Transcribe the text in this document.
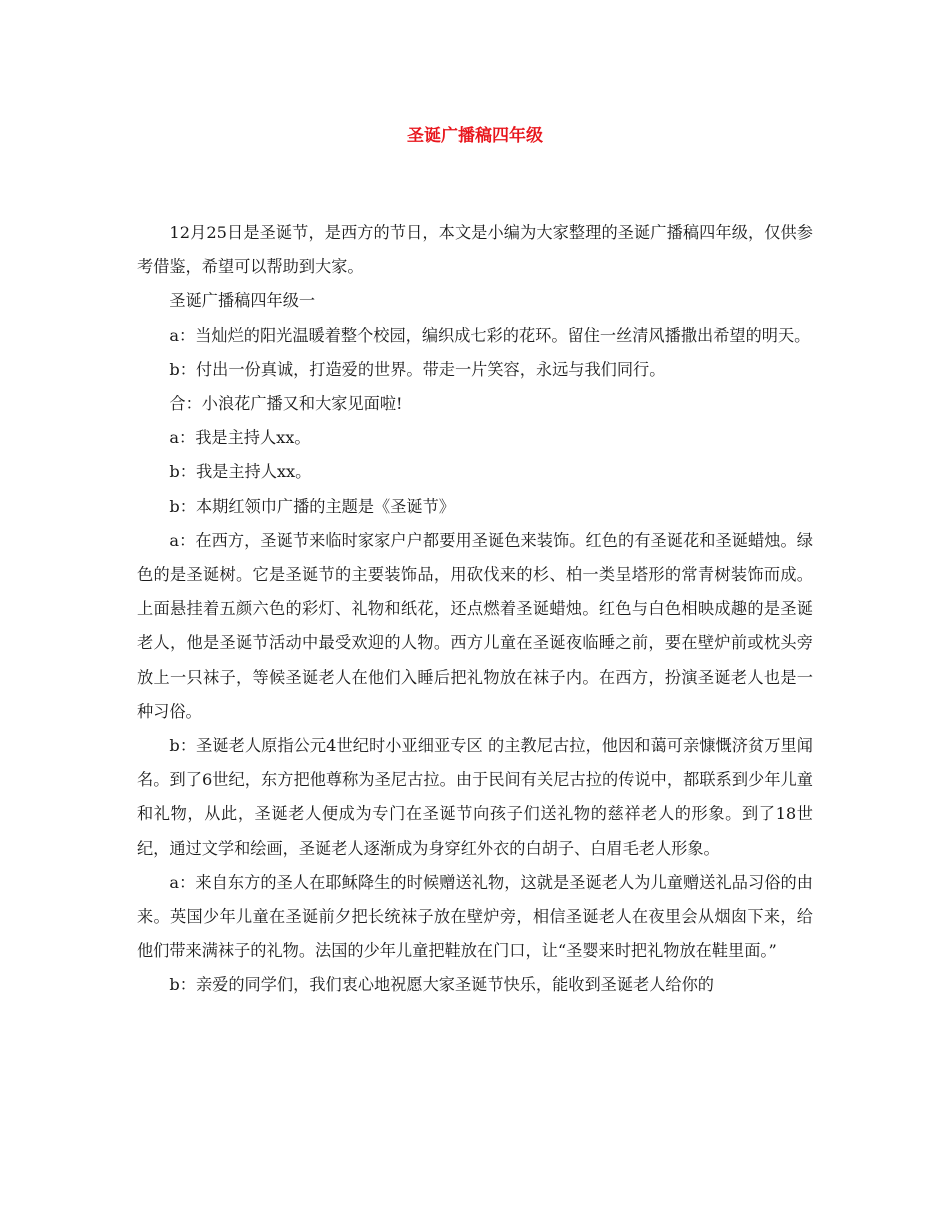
圣诞广播稿四年级

12月25日是圣诞节，是西方的节日，本文是小编为大家整理的圣诞广播稿四年级，仅供参考借鉴，希望可以帮助到大家。

圣诞广播稿四年级一

a：当灿烂的阳光温暖着整个校园，编织成七彩的花环。留住一丝清风播撒出希望的明天。

b：付出一份真诚，打造爱的世界。带走一片笑容，永远与我们同行。

合：小浪花广播又和大家见面啦!

a：我是主持人xx。

b：我是主持人xx。

b：本期红领巾广播的主题是《圣诞节》

a：在西方，圣诞节来临时家家户户都要用圣诞色来装饰。红色的有圣诞花和圣诞蜡烛。绿色的是圣诞树。它是圣诞节的主要装饰品，用砍伐来的杉、柏一类呈塔形的常青树装饰而成。上面悬挂着五颜六色的彩灯、礼物和纸花，还点燃着圣诞蜡烛。红色与白色相映成趣的是圣诞老人，他是圣诞节活动中最受欢迎的人物。西方儿童在圣诞夜临睡之前，要在壁炉前或枕头旁放上一只袜子，等候圣诞老人在他们入睡后把礼物放在袜子内。在西方，扮演圣诞老人也是一种习俗。

b：圣诞老人原指公元4世纪时小亚细亚专区 的主教尼古拉，他因和蔼可亲慷慨济贫万里闻名。到了6世纪，东方把他尊称为圣尼古拉。由于民间有关尼古拉的传说中，都联系到少年儿童和礼物，从此，圣诞老人便成为专门在圣诞节向孩子们送礼物的慈祥老人的形象。到了18世纪，通过文学和绘画，圣诞老人逐渐成为身穿红外衣的白胡子、白眉毛老人形象。

a：来自东方的圣人在耶稣降生的时候赠送礼物，这就是圣诞老人为儿童赠送礼品习俗的由来。英国少年儿童在圣诞前夕把长统袜子放在壁炉旁，相信圣诞老人在夜里会从烟囱下来，给他们带来满袜子的礼物。法国的少年儿童把鞋放在门口，让“圣婴来时把礼物放在鞋里面。”

b：亲爱的同学们，我们衷心地祝愿大家圣诞节快乐，能收到圣诞老人给你的
